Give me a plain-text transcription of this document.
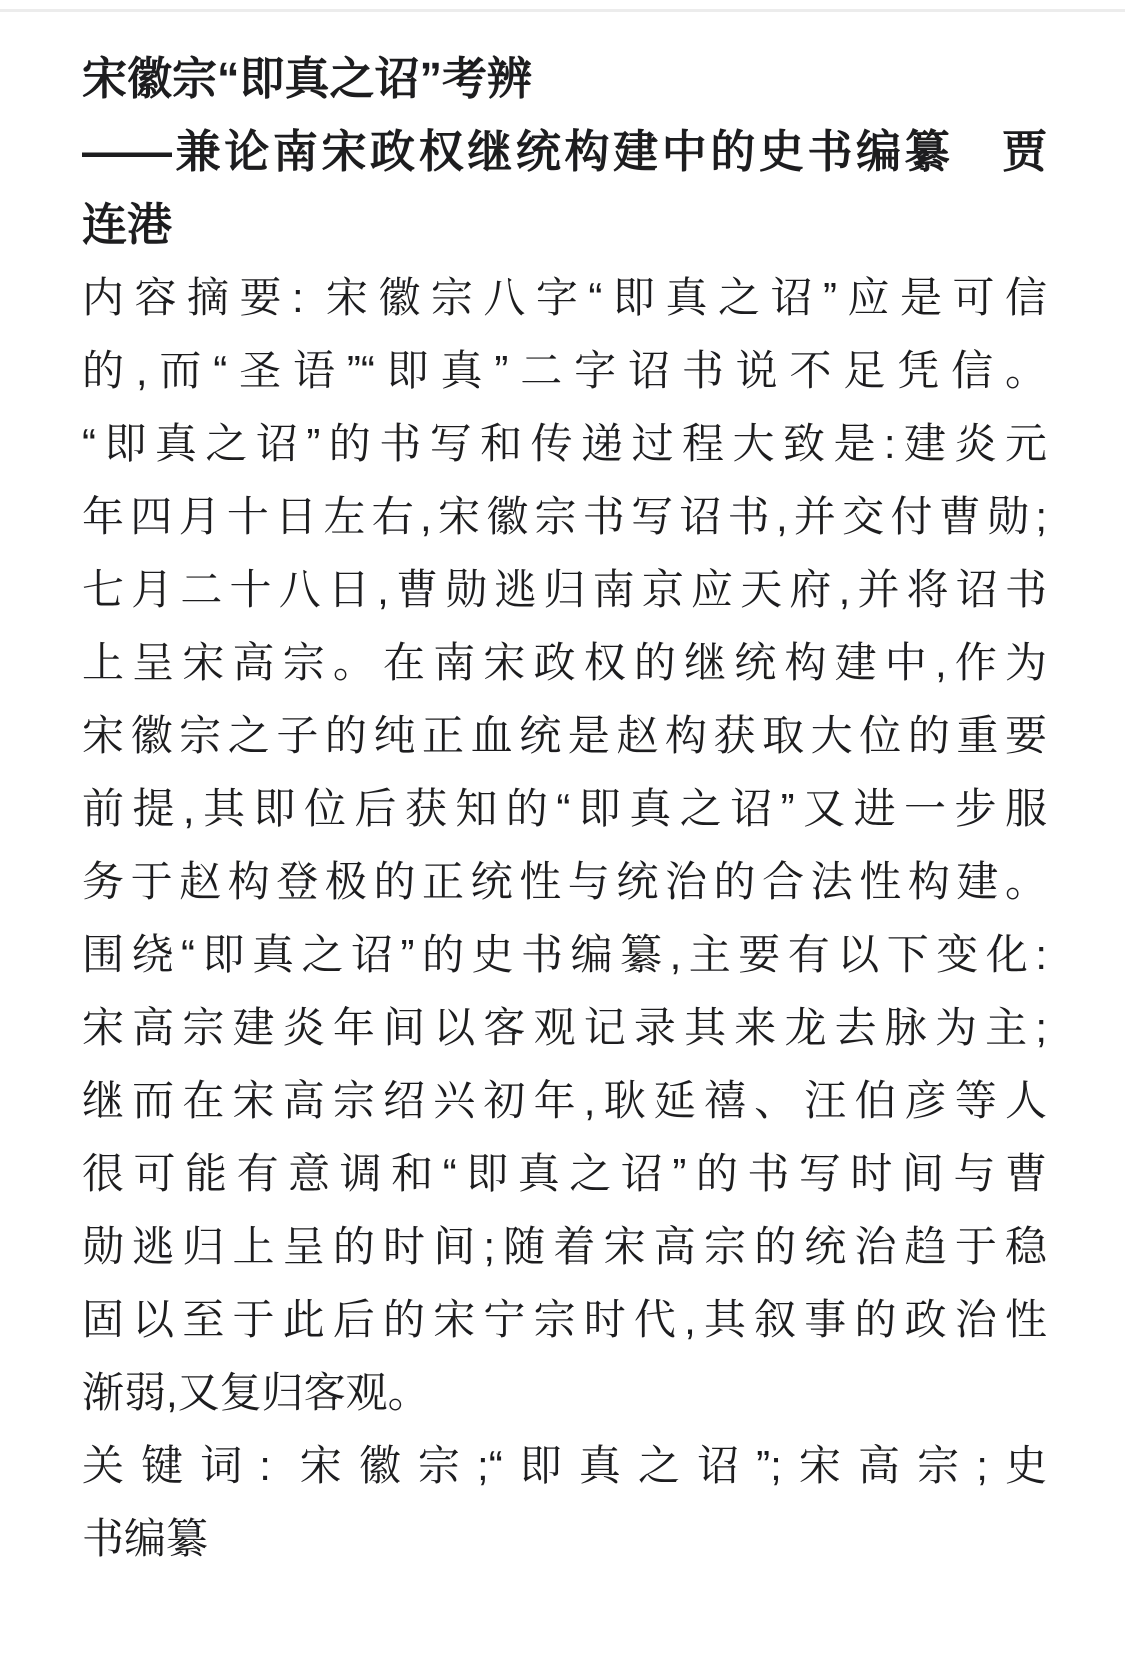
宋徽宗“即真之诏”考辨
——兼论南宋政权继统构建中的史书编纂　贾
连港
内容摘要: 宋徽宗八字“即真之诏”应是可信
的,而“圣语”“即真”二字诏书说不足凭信。
“即真之诏”的书写和传递过程大致是:建炎元
年四月十日左右,宋徽宗书写诏书,并交付曹勋;
七月二十八日,曹勋逃归南京应天府,并将诏书
上呈宋高宗。在南宋政权的继统构建中,作为
宋徽宗之子的纯正血统是赵构获取大位的重要
前提,其即位后获知的“即真之诏”又进一步服
务于赵构登极的正统性与统治的合法性构建。
围绕“即真之诏”的史书编纂,主要有以下变化:
宋高宗建炎年间以客观记录其来龙去脉为主;
继而在宋高宗绍兴初年,耿延禧、汪伯彦等人
很可能有意调和“即真之诏”的书写时间与曹
勋逃归上呈的时间;随着宋高宗的统治趋于稳
固以至于此后的宋宁宗时代,其叙事的政治性
渐弱,又复归客观。
关键词: 宋徽宗;“即真之诏”;宋高宗;史
书编纂
